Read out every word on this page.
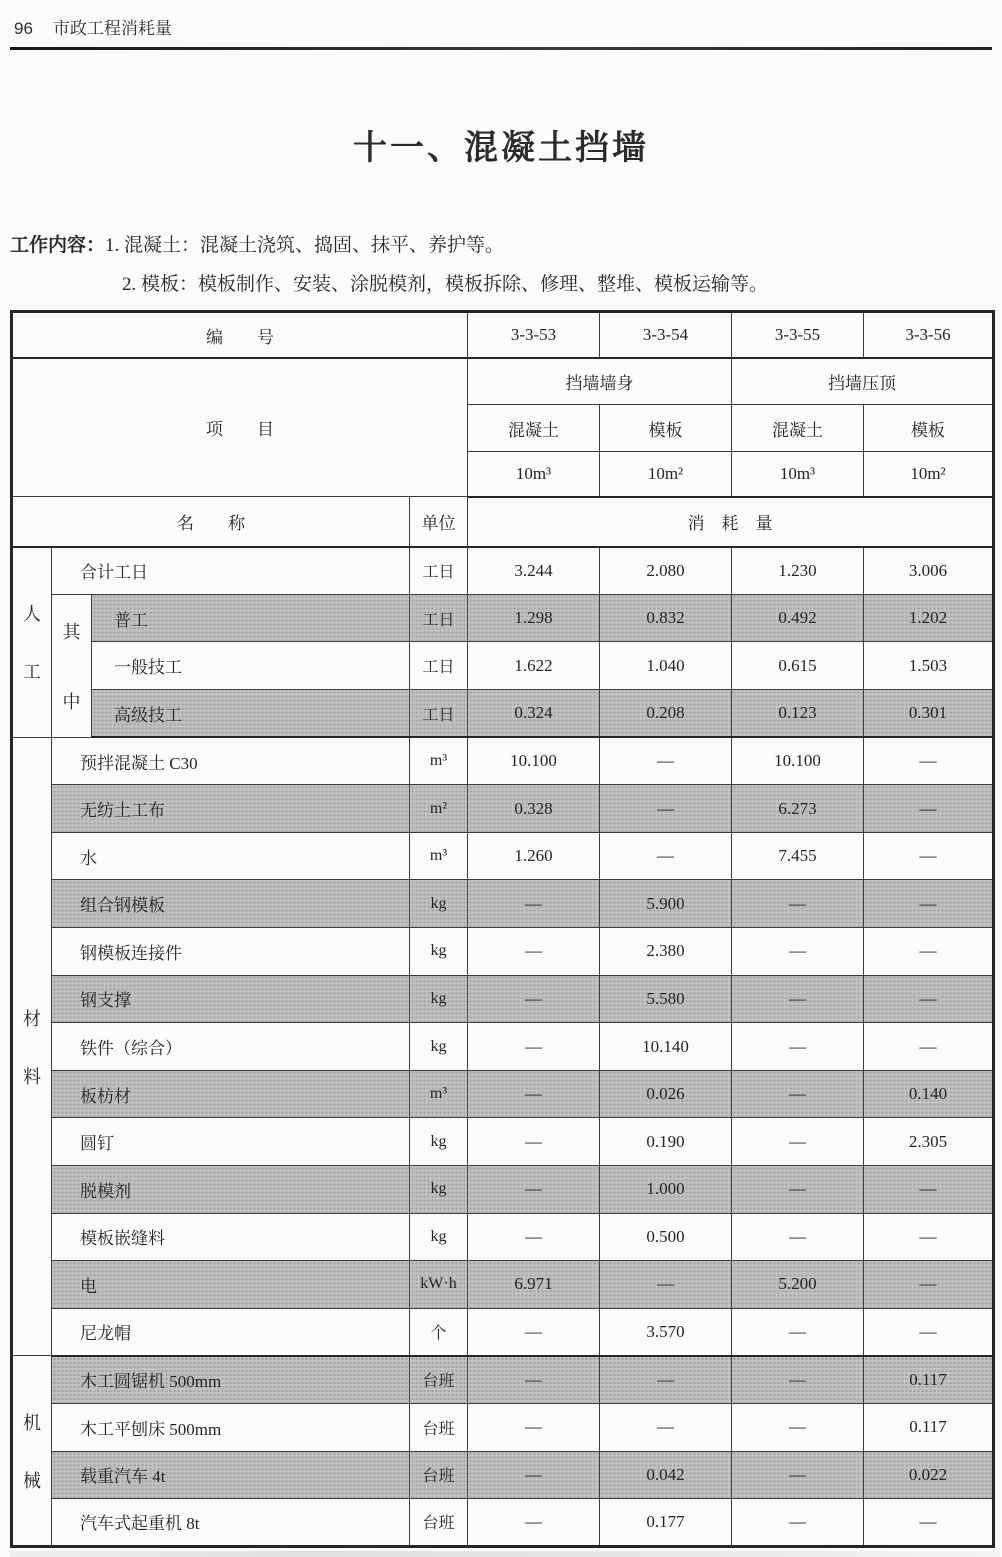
96 市政工程消耗量
十一、混凝土挡墙

工作内容：1. 混凝土：混凝土浇筑、捣固、抹平、养护等。

2. 模板：模板制作、安装、涂脱模剂，模板拆除、修理、整堆、模板运输等。

编　　号				3-3-53	3-3-54	3-3-55	3-3-56
项　　目				挡墙墙身		挡墙压顶	
				混凝土	模板	混凝土	模板
				10m³	10m²	10m³	10m²
名　　称			单位	消　耗　量			

人
工	合计工日		工日	3.244	2.080	1.230	3.006

	其
中	普工	工日	1.298	0.832	0.492	1.202
		一般技工	工日	1.622	1.040	0.615	1.503
		高级技工	工日	0.324	0.208	0.123	0.301

材
料	预拌混凝土 C30		m³	10.100	—	10.100	—
	无纺土工布		m²	0.328	—	6.273	—
	水		m³	1.260	—	7.455	—
	组合钢模板		kg	—	5.900	—	—
	钢模板连接件		kg	—	2.380	—	—
	钢支撑		kg	—	5.580	—	—
	铁件（综合）		kg	—	10.140	—	—
	板枋材		m³	—	0.026	—	0.140
	圆钉		kg	—	0.190	—	2.305
	脱模剂		kg	—	1.000	—	—
	模板嵌缝料		kg	—	0.500	—	—
	电		kW·h	6.971	—	5.200	—
	尼龙帽		个	—	3.570	—	—

机
械	木工圆锯机 500mm		台班	—	—	—	0.117
	木工平刨床 500mm		台班	—	—	—	0.117
	载重汽车 4t		台班	—	0.042	—	0.022
	汽车式起重机 8t		台班	—	0.177	—	—
